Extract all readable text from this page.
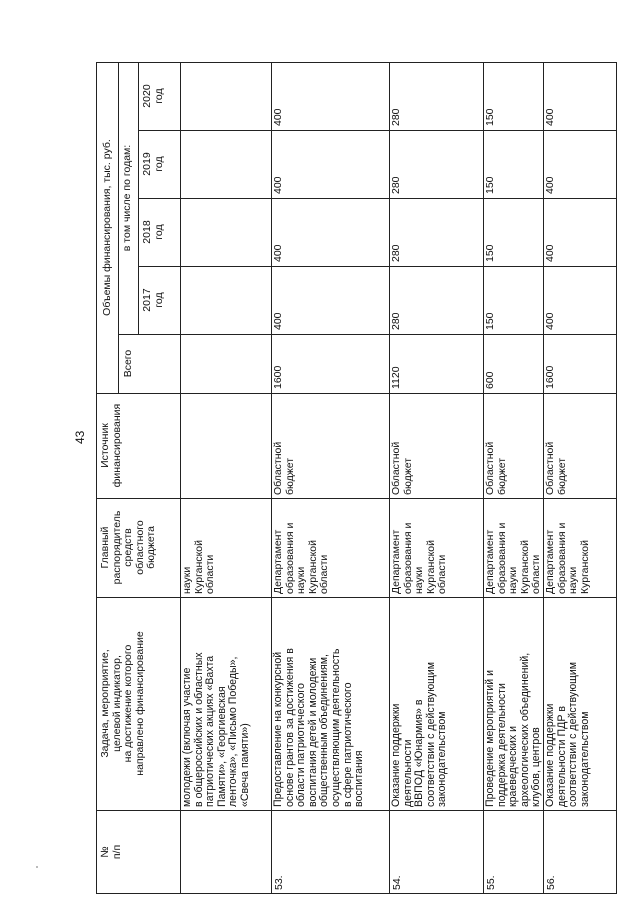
43
№ п/п
Задача, мероприятие, целевой индикатор, на достижение которого направлено финансирование
Главный распорядитель средств областного бюджета
Источник финансирования
Объемы финансирования, тыс. руб.
Всего
в том числе по годам:
2020 год
2019 год
2018 год
2017 год
молодежи (включая участие в общероссийских и областных патриотических акциях «Вахта Памяти», «Георгиевская ленточка», «Письмо Победы», «Свеча памяти»)
науки Курганской области
53.
Предоставление на конкурсной основе грантов за достижения в области патриотического воспитания детей и молодежи общественным объединениям, осуществляющим деятельность в сфере патриотического воспитания
Департамент образования и науки Курганской области
Областной бюджет
1600
400
400
400
400
54.
Оказание поддержки деятельности ВВПОД «Юнармия» в соответствии с действующим законодательством
Департамент образования и науки Курганской области
Областной бюджет
1120
280
280
280
280
55.
Проведение мероприятий и поддержка деятельности краеведческих и археологических объединений, клубов, центров
Департамент образования и науки Курганской области
Областной бюджет
600
150
150
150
150
56.
Оказание поддержки деятельности ПДР в соответствии с действующим законодательством
Департамент образования и науки Курганской
Областной бюджет
1600
400
400
400
400
